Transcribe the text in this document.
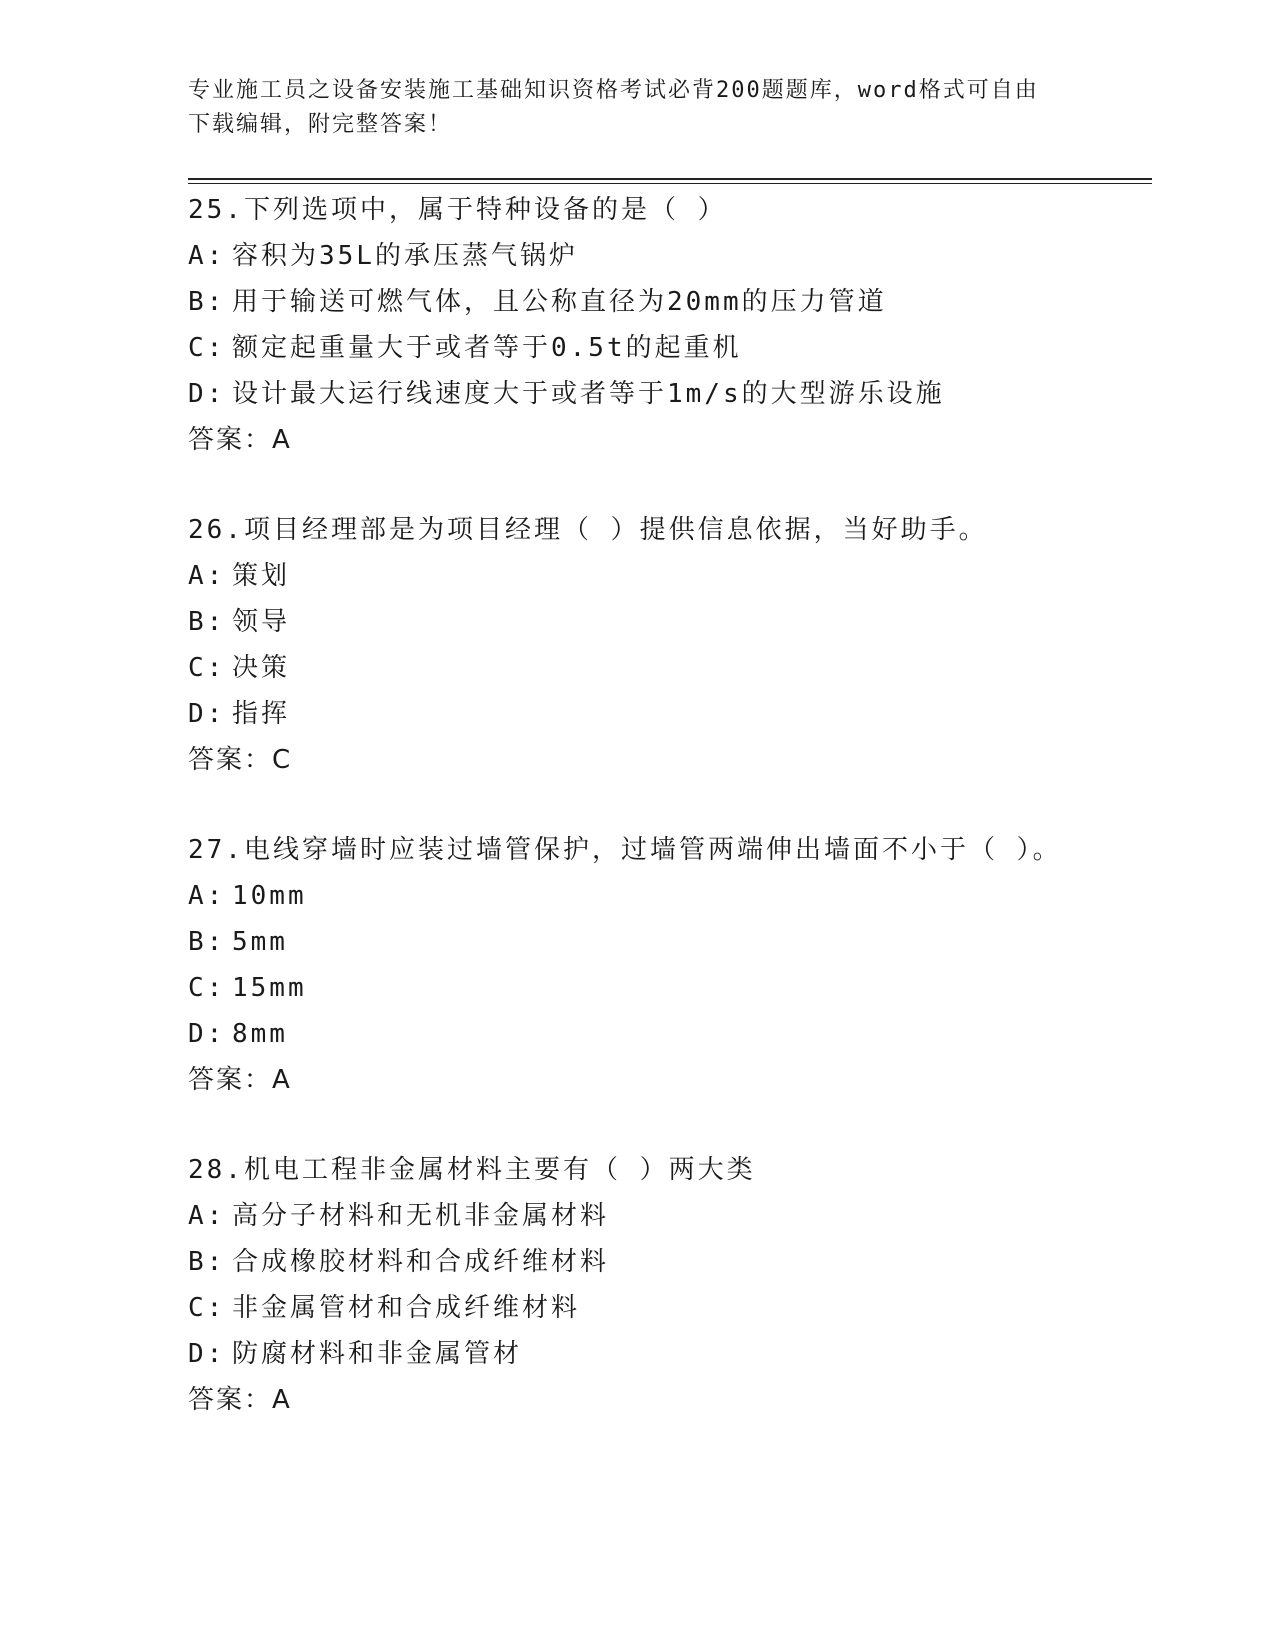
专业施工员之设备安装施工基础知识资格考试必背200题题库，word格式可自由
下载编辑，附完整答案！
25.下列选项中，属于特种设备的是（ ）
A: 容积为35L的承压蒸气锅炉
B: 用于输送可燃气体，且公称直径为20mm的压力管道
C: 额定起重量大于或者等于0.5t的起重机
D: 设计最大运行线速度大于或者等于1m/s的大型游乐设施
答案：A
26.项目经理部是为项目经理（ ）提供信息依据，当好助手。
A: 策划
B: 领导
C: 决策
D: 指挥
答案：C
27.电线穿墙时应装过墙管保护，过墙管两端伸出墙面不小于（ ）。
A: 10mm
B: 5mm
C: 15mm
D: 8mm
答案：A
28.机电工程非金属材料主要有（ ）两大类
A: 高分子材料和无机非金属材料
B: 合成橡胶材料和合成纤维材料
C: 非金属管材和合成纤维材料
D: 防腐材料和非金属管材
答案：A
